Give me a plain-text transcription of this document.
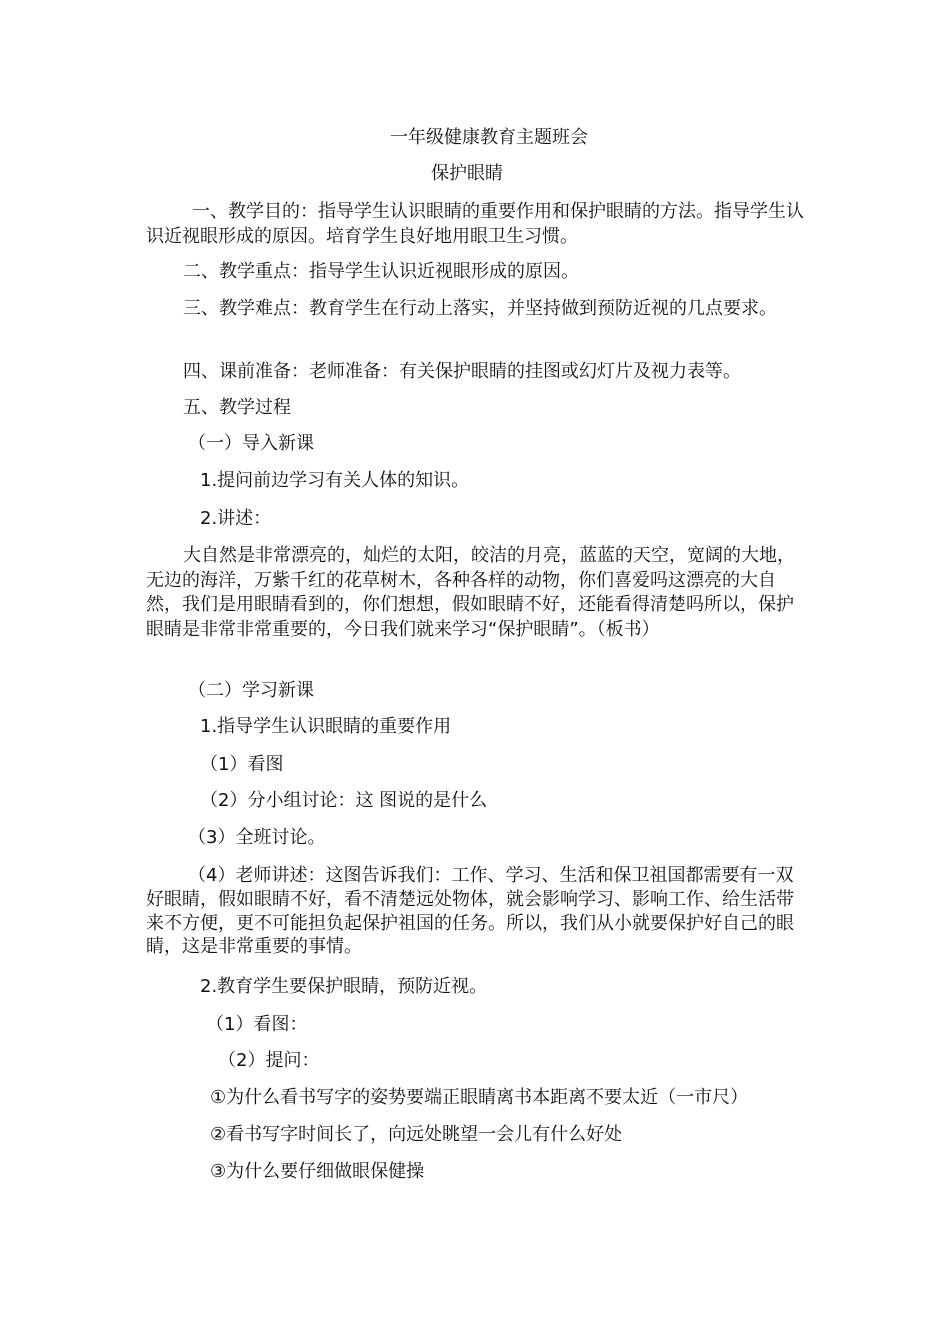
一年级健康教育主题班会
保护眼睛
一、教学目的：指导学生认识眼睛的重要作用和保护眼睛的方法。指导学生认识近视眼形成的原因。培育学生良好地用眼卫生习惯。
二、教学重点：指导学生认识近视眼形成的原因。
三、教学难点：教育学生在行动上落实，并坚持做到预防近视的几点要求。
四、课前准备：老师准备：有关保护眼睛的挂图或幻灯片及视力表等。
五、教学过程
（一）导入新课
1.提问前边学习有关人体的知识。
2.讲述：
大自然是非常漂亮的，灿烂的太阳，皎洁的月亮，蓝蓝的天空，宽阔的大地，无边的海洋，万紫千红的花草树木，各种各样的动物，你们喜爱吗这漂亮的大自然，我们是用眼睛看到的，你们想想，假如眼睛不好，还能看得清楚吗所以，保护眼睛是非常非常重要的，今日我们就来学习“保护眼睛”。（板书）
（二）学习新课
1.指导学生认识眼睛的重要作用
（1）看图
（2）分小组讨论：这 图说的是什么
（3）全班讨论。
（4）老师讲述：这图告诉我们：工作、学习、生活和保卫祖国都需要有一双好眼睛，假如眼睛不好，看不清楚远处物体，就会影响学习、影响工作、给生活带来不方便，更不可能担负起保护祖国的任务。所以，我们从小就要保护好自己的眼睛，这是非常重要的事情。
2.教育学生要保护眼睛，预防近视。
（1）看图：
（2）提问：
①为什么看书写字的姿势要端正眼睛离书本距离不要太近（一市尺）
②看书写字时间长了，向远处眺望一会儿有什么好处
③为什么要仔细做眼保健操
